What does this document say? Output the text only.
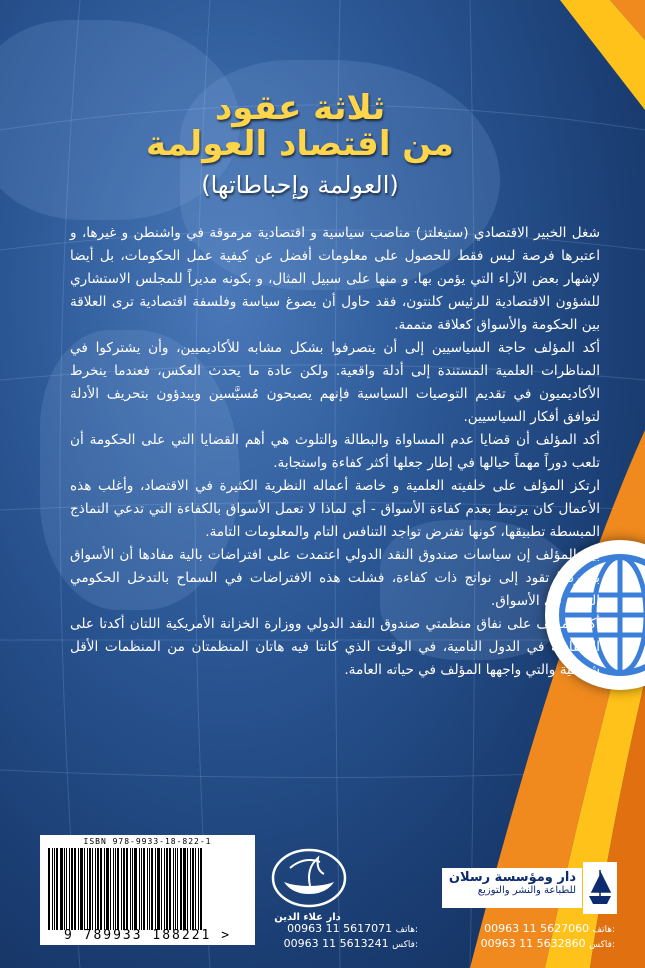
ثلاثة عقود
من اقتصاد العولمة
(العولمة وإحباطاتها)

شغل الخبير الاقتصادي (ستيغلتز) مناصب سياسية و اقتصادية مرموقة في واشنطن و غيرها، و اعتبرها فرصة ليس فقط للحصول على معلومات أفضل عن كيفية عمل الحكومات، بل أيضا لإشهار بعض الآراء التي يؤمن بها. و منها على سبيل المثال، و بكونه مديراً للمجلس الاستشاري للشؤون الاقتصادية للرئيس كلنتون، فقد حاول أن يصوغ سياسة وفلسفة اقتصادية ترى العلاقة بين الحكومة والأسواق كعلاقة متممة.

أكد المؤلف حاجة السياسيين إلى أن يتصرفوا بشكل مشابه للأكاديميين، وأن يشتركوا في المناظرات العلمية المستندة إلى أدلة واقعية. ولكن عادة ما يحدث العكس، فعندما ينخرط الأكاديميون في تقديم التوصيات السياسية فإنهم يصبحون مُسيَّسين ويبدؤون بتحريف الأدلة لتوافق أفكار السياسيين.

أكد المؤلف أن قضايا عدم المساواة والبطالة والتلوث هي أهم القضايا التي على الحكومة أن تلعب دوراً مهماً حيالها في إطار جعلها أكثر كفاءة واستجابة.

ارتكز المؤلف على خلفيته العلمية و خاصة أعماله النظرية الكثيرة في الاقتصاد، وأغلب هذه الأعمال كان يرتبط بعدم كفاءة الأسواق - أي لماذا لا تعمل الأسواق بالكفاءة التي تدعي النماذج المبسطة تطبيقها، كونها تفترض تواجد التنافس التام والمعلومات التامة.

بين المؤلف إن سياسات صندوق النقد الدولي اعتمدت على افتراضات بالية مفادها أن الأسواق بمفردها تقود إلى نواتج ذات كفاءة، فشلت هذه الافتراضات في السماح بالتدخل الحكومي المفيد في الأسواق.

أكد المؤلف على نفاق منظمتي صندوق النقد الدولي ووزارة الخزانة الأمريكية اللتان أكدتا على الشفافية في الدول النامية، في الوقت الذي كانتا فيه هاتان المنظمتان من المنظمات الأقل شفافية والتي واجهها المؤلف في حياته العامة.

ISBN 978-9933-18-822-1
9 789933 188221 >
دار علاء الدين
دار ومؤسسة رسلان
للطباعة والنشر والتوزيع
00963 11 5617071 هاتف:
00963 11 5613241 فاكس:
00963 11 5627060 هاتف:
00963 11 5632860 فاكس:
